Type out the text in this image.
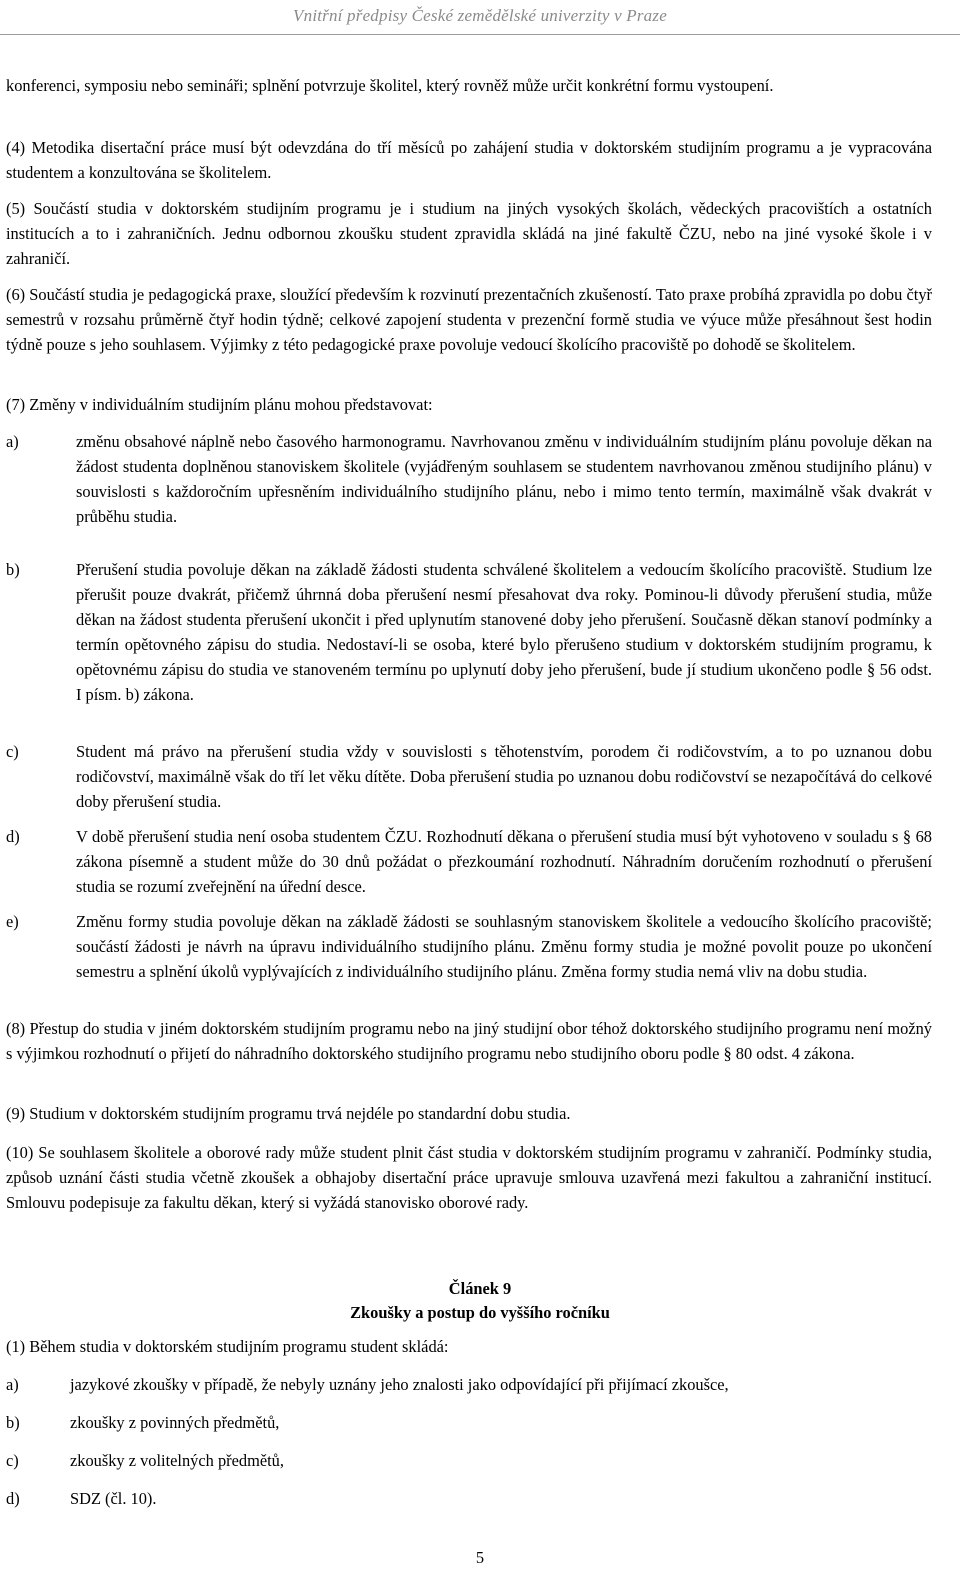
Vnitřní předpisy České zemědělské univerzity v Praze

konferenci, symposiu nebo semináři; splnění potvrzuje školitel, který rovněž může určit konkrétní formu vystoupení.

(4) Metodika disertační práce musí být odevzdána do tří měsíců po zahájení studia v doktorském studijním programu a je vypracována studentem a konzultována se školitelem.

(5) Součástí studia v doktorském studijním programu je i studium na jiných vysokých školách, vědeckých pracovištích a ostatních institucích a to i zahraničních. Jednu odbornou zkoušku student zpravidla skládá na jiné fakultě ČZU, nebo na jiné vysoké škole i v zahraničí.

(6) Součástí studia je pedagogická praxe, sloužící především k rozvinutí prezentačních zkušeností. Tato praxe probíhá zpravidla po dobu čtyř semestrů v rozsahu průměrně čtyř hodin týdně; celkové zapojení studenta v prezenční formě studia ve výuce může přesáhnout šest hodin týdně pouze s jeho souhlasem. Výjimky z této pedagogické praxe povoluje vedoucí školícího pracoviště po dohodě se školitelem.

(7) Změny v individuálním studijním plánu mohou představovat:

a)	změnu obsahové náplně nebo časového harmonogramu. Navrhovanou změnu v individuálním studijním plánu povoluje děkan na žádost studenta doplněnou stanoviskem školitele (vyjádřeným souhlasem se studentem navrhovanou změnou studijního plánu) v souvislosti s každoročním upřesněním individuálního studijního plánu, nebo i mimo tento termín, maximálně však dvakrát v průběhu studia.
b)	Přerušení studia povoluje děkan na základě žádosti studenta schválené školitelem a vedoucím školícího pracoviště. Studium lze přerušit pouze dvakrát, přičemž úhrnná doba přerušení nesmí přesahovat dva roky. Pominou-li důvody přerušení studia, může děkan na žádost studenta přerušení ukončit i před uplynutím stanovené doby jeho přerušení. Současně děkan stanoví podmínky a termín opětovného zápisu do studia. Nedostaví-li se osoba, které bylo přerušeno studium v doktorském studijním programu, k opětovnému zápisu do studia ve stanoveném termínu po uplynutí doby jeho přerušení, bude jí studium ukončeno podle § 56 odst. I písm. b) zákona.
c)	Student má právo na přerušení studia vždy v souvislosti s těhotenstvím, porodem či rodičovstvím, a to po uznanou dobu rodičovství, maximálně však do tří let věku dítěte. Doba přerušení studia po uznanou dobu rodičovství se nezapočítává do celkové doby přerušení studia.
d)	V době přerušení studia není osoba studentem ČZU. Rozhodnutí děkana o přerušení studia musí být vyhotoveno v souladu s § 68 zákona písemně a student může do 30 dnů požádat o přezkoumání rozhodnutí. Náhradním doručením rozhodnutí o přerušení studia se rozumí zveřejnění na úřední desce.
e)	Změnu formy studia povoluje děkan na základě žádosti se souhlasným stanoviskem školitele a vedoucího školícího pracoviště; součástí žádosti je návrh na úpravu individuálního studijního plánu. Změnu formy studia je možné povolit pouze po ukončení semestru a splnění úkolů vyplývajících z individuálního studijního plánu. Změna formy studia nemá vliv na dobu studia.

(8) Přestup do studia v jiném doktorském studijním programu nebo na jiný studijní obor téhož doktorského studijního programu není možný s výjimkou rozhodnutí o přijetí do náhradního doktorského studijního programu nebo studijního oboru podle § 80 odst. 4 zákona.

(9) Studium v doktorském studijním programu trvá nejdéle po standardní dobu studia.

(10) Se souhlasem školitele a oborové rady může student plnit část studia v doktorském studijním programu v zahraničí. Podmínky studia, způsob uznání části studia včetně zkoušek a obhajoby disertační práce upravuje smlouva uzavřená mezi fakultou a zahraniční institucí. Smlouvu podepisuje za fakultu děkan, který si vyžádá stanovisko oborové rady.

Článek 9
Zkoušky a postup do vyššího ročníku

(1) Během studia v doktorském studijním programu student skládá:

a)	jazykové zkoušky v případě, že nebyly uznány jeho znalosti jako odpovídající při přijímací zkoušce,
b)	zkoušky z povinných předmětů,
c)	zkoušky z volitelných předmětů,
d)	SDZ (čl. 10).
5
